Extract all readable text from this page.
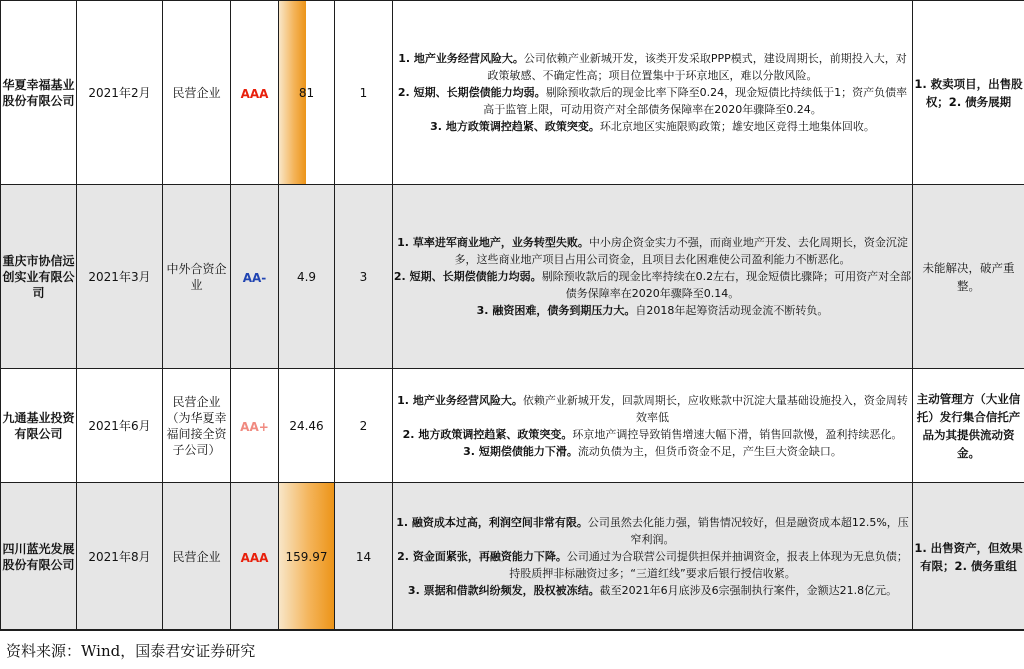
华夏幸福基业股份有限公司	2021年2月	民营企业	AAA	81	1	1. 地产业务经营风险大。公司依赖产业新城开发，该类开发采取PPP模式，建设周期长，前期投入大，对政策敏感、不确定性高；项目位置集中于环京地区，难以分散风险。

2. 短期、长期偿债能力均弱。剔除预收款后的现金比率下降至0.24，现金短债比持续低于1；资产负债率高于监管上限，可动用资产对全部债务保障率在2020年骤降至0.24。

3. 地方政策调控趋紧、政策突变。环北京地区实施限购政策；雄安地区竞得土地集体回收。	1. 救卖项目，出售股权；2. 债务展期
重庆市协信远创实业有限公司	2021年3月	中外合资企业	AA-	4.9	3	1. 草率进军商业地产，业务转型失败。中小房企资金实力不强，而商业地产开发、去化周期长，资金沉淀多，这些商业地产项目占用公司资金，且项目去化困难使公司盈利能力不断恶化。

2. 短期、长期偿债能力均弱。剔除预收款后的现金比率持续在0.2左右，现金短债比骤降；可用资产对全部债务保障率在2020年骤降至0.14。

3. 融资困难，债务到期压力大。自2018年起筹资活动现金流不断转负。	未能解决，破产重整。
九通基业投资有限公司	2021年6月	民营企业（为华夏幸福间接全资子公司）	AA+	24.46	2	1. 地产业务经营风险大。依赖产业新城开发，回款周期长，应收账款中沉淀大量基础设施投入，资金周转效率低

2. 地方政策调控趋紧、政策突变。环京地产调控导致销售增速大幅下滑，销售回款慢，盈利持续恶化。

3. 短期偿债能力下滑。流动负债为主，但货币资金不足，产生巨大资金缺口。	主动管理方（大业信托）发行集合信托产品为其提供流动资金。
四川蓝光发展股份有限公司	2021年8月	民营企业	AAA	159.97	14	1. 融资成本过高，利润空间非常有限。公司虽然去化能力强，销售情况较好，但是融资成本超12.5%，压窄利润。

2. 资金面紧张，再融资能力下降。公司通过为合联营公司提供担保并抽调资金，报表上体现为无息负债；持股质押非标融资过多；“三道红线”要求后银行授信收紧。

3. 票据和借款纠纷频发，股权被冻结。截至2021年6月底涉及6宗强制执行案件，金额达21.8亿元。	1. 出售资产，但效果有限；2. 债务重组
资料来源：Wind，国泰君安证券研究
